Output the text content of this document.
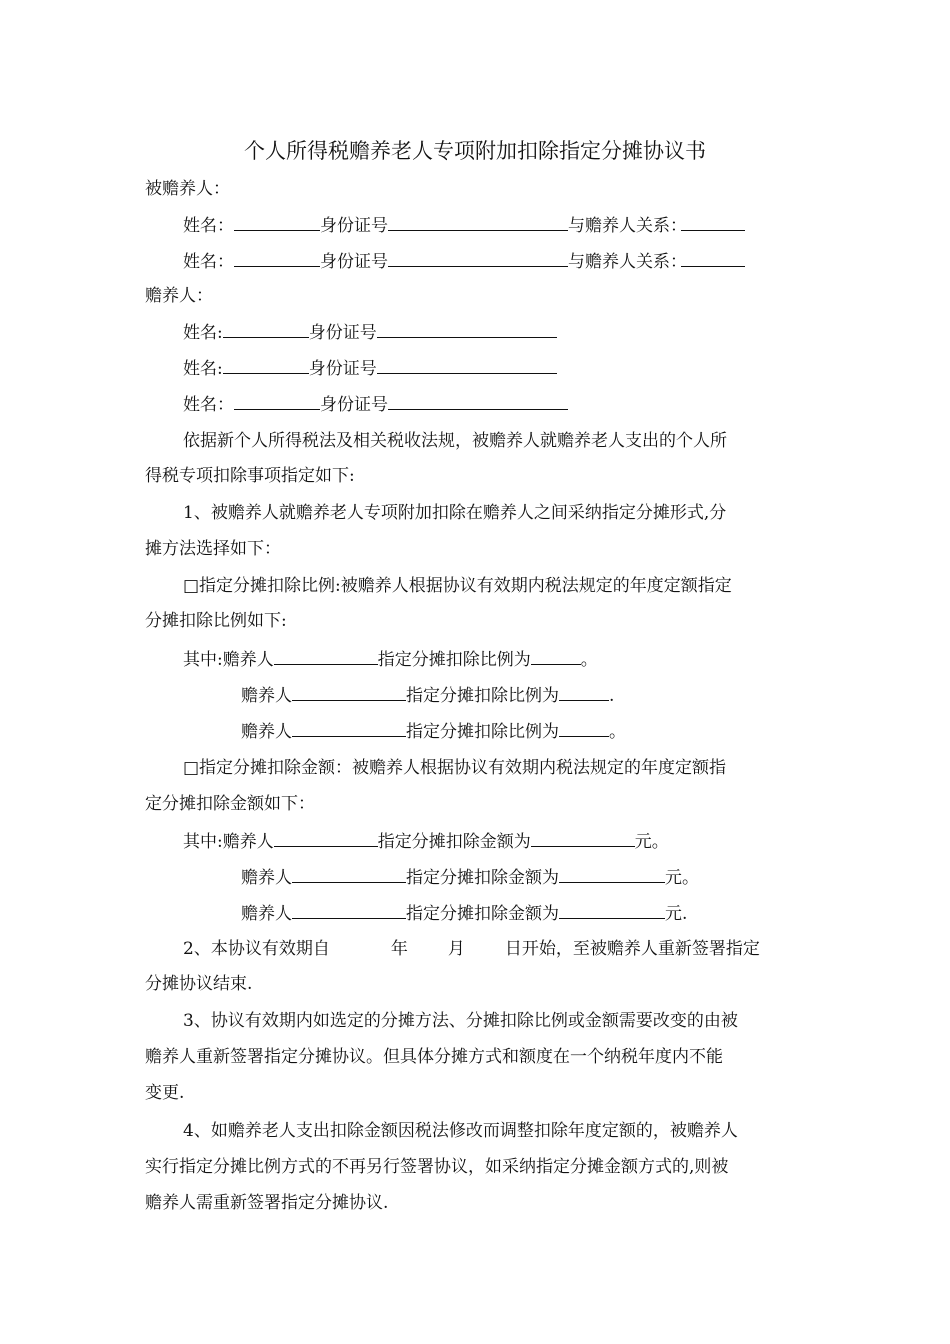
个人所得税赡养老人专项附加扣除指定分摊协议书
被赡养人：
姓名：	身份证号	与赡养人关系：
姓名：	身份证号	与赡养人关系：
赡养人：
姓名:	身份证号
姓名:	身份证号
姓名：	身份证号
依据新个人所得税法及相关税收法规，被赡养人就赡养老人支出的个人所
得税专项扣除事项指定如下:
1、被赡养人就赡养老人专项附加扣除在赡养人之间采纳指定分摊形式,分
摊方法选择如下：
□指定分摊扣除比例:被赡养人根据协议有效期内税法规定的年度定额指定
分摊扣除比例如下:
其中:赡养人	指定分摊扣除比例为	。
赡养人	指定分摊扣除比例为	.
赡养人	指定分摊扣除比例为	。
□指定分摊扣除金额：被赡养人根据协议有效期内税法规定的年度定额指
定分摊扣除金额如下：
其中:赡养人	指定分摊扣除金额为	元。
赡养人	指定分摊扣除金额为	元。
赡养人	指定分摊扣除金额为	元.
2、本协议有效期自	年 月 日开始，至被赡养人重新签署指定
分摊协议结束.
3、协议有效期内如选定的分摊方法、分摊扣除比例或金额需要改变的由被
赡养人重新签署指定分摊协议。但具体分摊方式和额度在一个纳税年度内不能
变更.
4、如赡养老人支出扣除金额因税法修改而调整扣除年度定额的，被赡养人
实行指定分摊比例方式的不再另行签署协议，如采纳指定分摊金额方式的,则被
赡养人需重新签署指定分摊协议.
